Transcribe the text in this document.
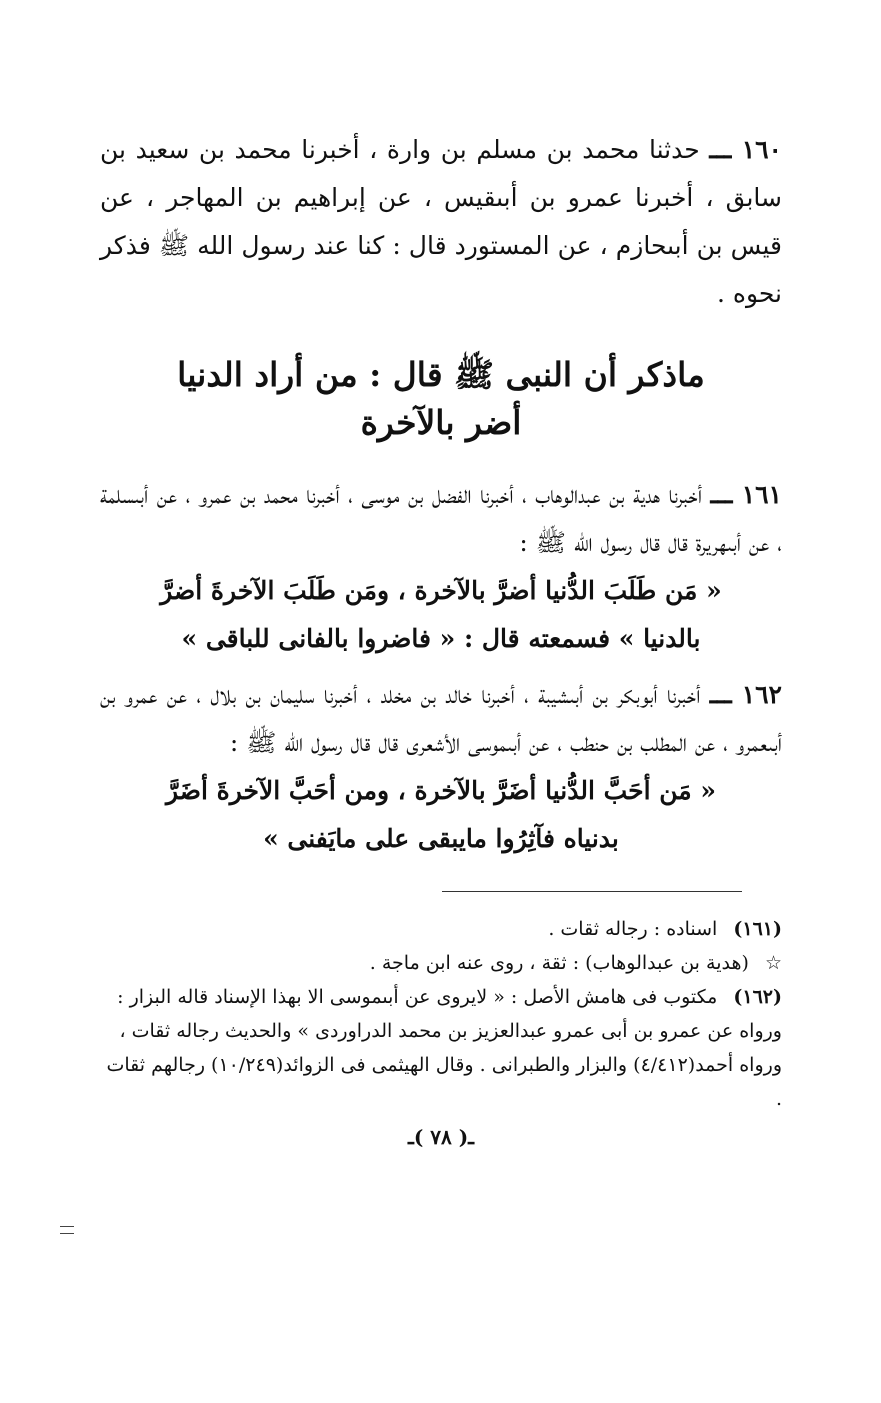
١٦٠ ـــ حدثنا محمد بن مسلم بن وارة ، أخبرنا محمد بن سعيد بن سابق ، أخبرنا عمرو بن أبىقيس ، عن إبراهيم بن المهاجر ، عن قيس بن أبىحازم ، عن المستورد قال : كنا عند رسول الله ﷺ فذكر نحوه .

ماذكر أن النبى ﷺ قال : من أراد الدنيا
أضر بالآخرة

١٦١ ـــ أخبرنا هدية بن عبدالوهاب ، أخبرنا الفضل بن موسى ، أخبرنا محمد بن عمرو ، عن أبىسلمة ، عن أبىهريرة قال قال رسول الله ﷺ :

« مَن طَلَبَ الدُّنيا أضرَّ بالآخرة ، ومَن طَلَبَ الآخرةَ أضرَّ

بالدنيا » فسمعته قال : « فاضروا بالفانى للباقى »

١٦٢ ـــ أخبرنا أبوبكر بن أبىشيبة ، أخبرنا خالد بن مخلد ، أخبرنا سليمان بن بلال ، عن عمرو بن أبىعمرو ، عن المطلب بن حنطب ، عن أبىموسى الأشعرى قال قال رسول الله ﷺ :

« مَن أحَبَّ الدُّنيا أضَرَّ بالآخرة ، ومن أحَبَّ الآخرةَ أضَرَّ

بدنياه فآثِرُوا مايبقى على مايَفنى »

(١٦١) اسناده : رجاله ثقات .

☆ (هدية بن عبدالوهاب) : ثقة ، روى عنه ابن ماجة .

(١٦٢) مكتوب فى هامش الأصل : « لايروى عن أبىموسى الا بهذا الإسناد قاله البزار : ورواه عن عمرو بن أبى عمرو عبدالعزيز بن محمد الدراوردى » والحديث رجاله ثقات ، ورواه أحمد(٤/٤١٢) والبزار والطبرانى . وقال الهيثمى فى الزوائد(١٠/٢٤٩) رجالهم ثقات .

ـ( ٧٨ )ـ
